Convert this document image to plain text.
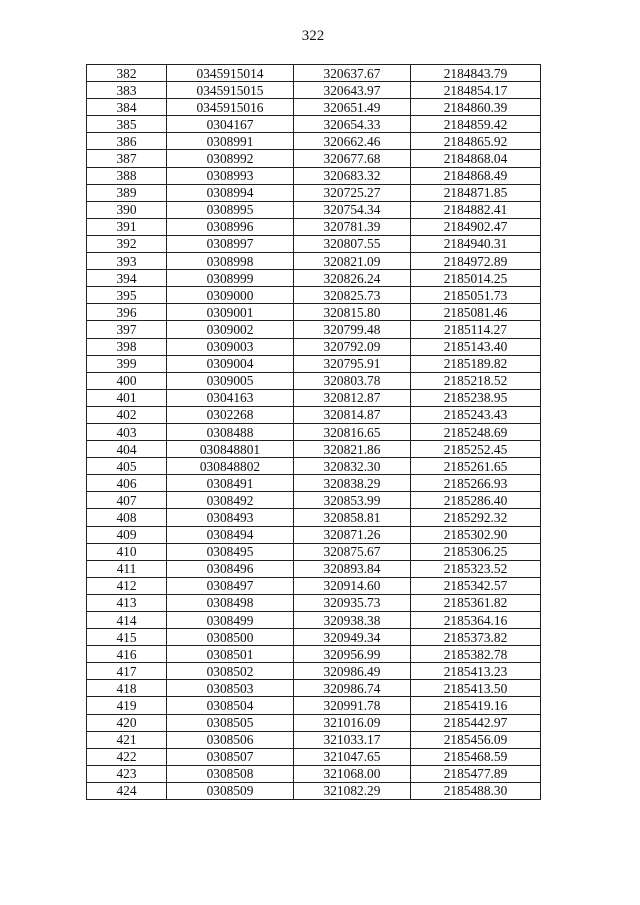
322
382	0345915014	320637.67	2184843.79
383	0345915015	320643.97	2184854.17
384	0345915016	320651.49	2184860.39
385	0304167	320654.33	2184859.42
386	0308991	320662.46	2184865.92
387	0308992	320677.68	2184868.04
388	0308993	320683.32	2184868.49
389	0308994	320725.27	2184871.85
390	0308995	320754.34	2184882.41
391	0308996	320781.39	2184902.47
392	0308997	320807.55	2184940.31
393	0308998	320821.09	2184972.89
394	0308999	320826.24	2185014.25
395	0309000	320825.73	2185051.73
396	0309001	320815.80	2185081.46
397	0309002	320799.48	2185114.27
398	0309003	320792.09	2185143.40
399	0309004	320795.91	2185189.82
400	0309005	320803.78	2185218.52
401	0304163	320812.87	2185238.95
402	0302268	320814.87	2185243.43
403	0308488	320816.65	2185248.69
404	030848801	320821.86	2185252.45
405	030848802	320832.30	2185261.65
406	0308491	320838.29	2185266.93
407	0308492	320853.99	2185286.40
408	0308493	320858.81	2185292.32
409	0308494	320871.26	2185302.90
410	0308495	320875.67	2185306.25
411	0308496	320893.84	2185323.52
412	0308497	320914.60	2185342.57
413	0308498	320935.73	2185361.82
414	0308499	320938.38	2185364.16
415	0308500	320949.34	2185373.82
416	0308501	320956.99	2185382.78
417	0308502	320986.49	2185413.23
418	0308503	320986.74	2185413.50
419	0308504	320991.78	2185419.16
420	0308505	321016.09	2185442.97
421	0308506	321033.17	2185456.09
422	0308507	321047.65	2185468.59
423	0308508	321068.00	2185477.89
424	0308509	321082.29	2185488.30
